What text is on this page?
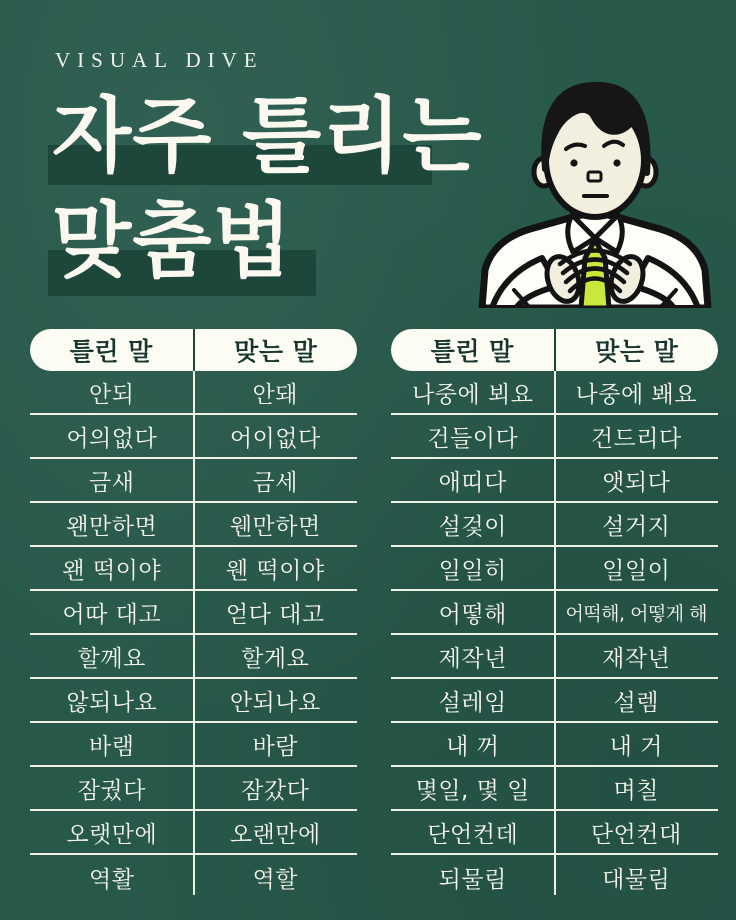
VISUAL DIVE
자주 틀리는
맞춤법
틀린 말	맞는 말
안되	안돼
어의없다	어이없다
금새	금세
왠만하면	웬만하면
왠 떡이야	웬 떡이야
어따 대고	얻다 대고
할께요	할게요
않되나요	안되나요
바램	바람
잠궜다	잠갔다
오랫만에	오랜만에
역활	역할
틀린 말	맞는 말
나중에 뵈요	나중에 봬요
건들이다	건드리다
애띠다	앳되다
설겇이	설거지
일일히	일일이
어떻해	어떡해, 어떻게 해
제작년	재작년
설레임	설렘
내 꺼	내 거
몇일, 몇 일	며칠
단언컨데	단언컨대
되물림	대물림
